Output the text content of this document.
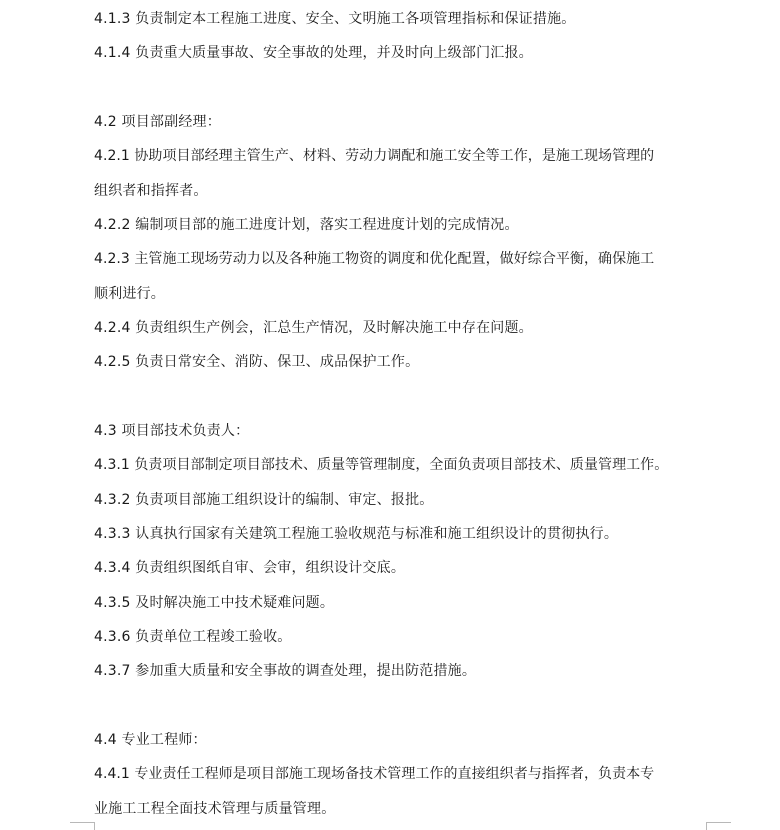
4.1.3 负责制定本工程施工进度、安全、文明施工各项管理指标和保证措施。
4.1.4 负责重大质量事故、安全事故的处理，并及时向上级部门汇报。
4.2 项目部副经理：
4.2.1 协助项目部经理主管生产、材料、劳动力调配和施工安全等工作，是施工现场管理的
组织者和指挥者。
4.2.2 编制项目部的施工进度计划，落实工程进度计划的完成情况。
4.2.3 主管施工现场劳动力以及各种施工物资的调度和优化配置，做好综合平衡，确保施工
顺利进行。
4.2.4 负责组织生产例会，汇总生产情况，及时解决施工中存在问题。
4.2.5 负责日常安全、消防、保卫、成品保护工作。
4.3 项目部技术负责人：
4.3.1 负责项目部制定项目部技术、质量等管理制度，全面负责项目部技术、质量管理工作。
4.3.2 负责项目部施工组织设计的编制、审定、报批。
4.3.3 认真执行国家有关建筑工程施工验收规范与标准和施工组织设计的贯彻执行。
4.3.4 负责组织图纸自审、会审，组织设计交底。
4.3.5 及时解决施工中技术疑难问题。
4.3.6 负责单位工程竣工验收。
4.3.7 参加重大质量和安全事故的调查处理，提出防范措施。
4.4 专业工程师：
4.4.1 专业责任工程师是项目部施工现场备技术管理工作的直接组织者与指挥者，负责本专
业施工工程全面技术管理与质量管理。
